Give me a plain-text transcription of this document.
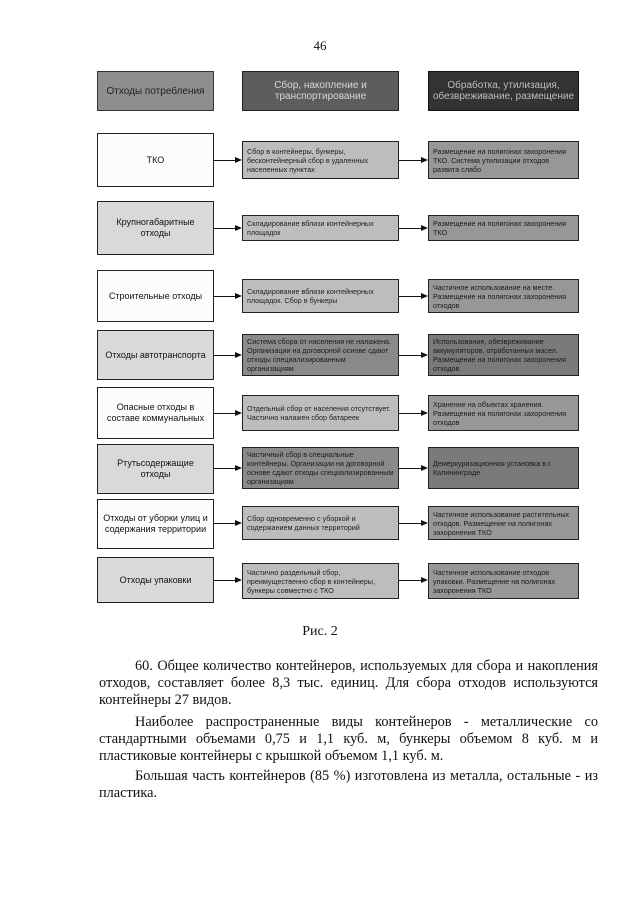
46
Отходы потребления	Сбор, накопление и транспортирование
Обработка, утилизация, обезвреживание, размещение
ТКО
Сбор в контейнеры, бункеры, бесконтейнерный сбор в удаленных населенных пунктах
Размещение на полигонах захоронения ТКО. Система утилизации отходов развита слабо
Крупногабаритные отходы
Складирование вблизи контейнерных площадок
Размещение на полигонах захоронения ТКО
Строительные отходы	Складирование вблизи контейнерных площадок. Сбор в бункеры
Частичное использование на месте. Размещение на полигонах захоронения отходов
Отходы автотранспорта
Система сбора от населения не налажена. Организации на договорной основе сдают отходы специализированным организациям
Использование, обезвреживание аккумуляторов, отработанных масел. Размещение на полигонах захоронения отходов
Опасные отходы в составе коммунальных
Отдельный сбор от населения отсутствует. Частично налажен сбор батареек
Хранение на объектах хранения. Размещение на полигонах захоронения отходов
Ртутьсодержащие отходы
Частичный сбор в специальные контейнеры. Организации на договорной основе сдают отходы специализированным организациям
Демеркуризационная установка в г. Калининграде
Отходы от уборки улиц и содержания территории
Сбор одновременно с уборкой и содержанием данных территорий
Частичное использование растительных отходов. Размещение на полигонах захоронения ТКО
Отходы упаковки
Частично раздельный сбор, преимущественно сбор в контейнеры, бункеры совместно с ТКО
Частичное использование отходов упаковки. Размещение на полигонах захоронения ТКО
Рис. 2

60. Общее количество контейнеров, используемых для сбора и накопления отходов, составляет более 8,3 тыс. единиц. Для сбора отходов используются контейнеры 27 видов.

Наиболее распространенные виды контейнеров - металлические со стандартными объемами 0,75 и 1,1 куб. м, бункеры объемом 8 куб. м и пластиковые контейнеры с крышкой объемом 1,1 куб. м.

Большая часть контейнеров (85 %) изготовлена из металла, остальные - из пластика.
